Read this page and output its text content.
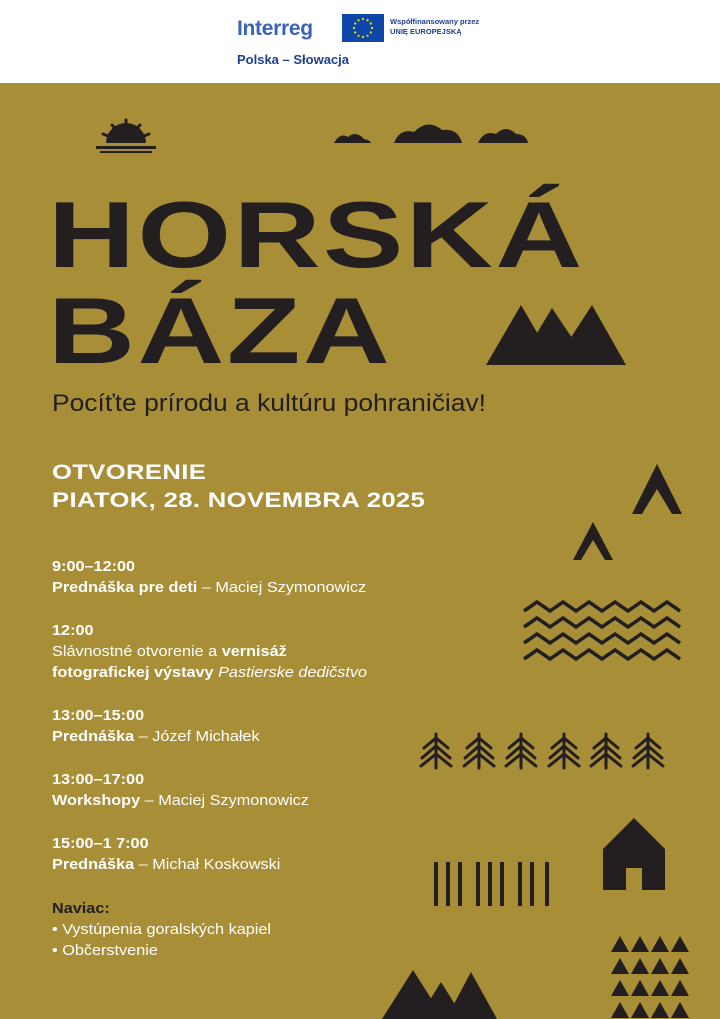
Interreg	Współfinansowany przez
UNIĘ EUROPEJSKĄ
Polska – Słowacja
HORSKÁ
BÁZA
Pocíťte prírodu a kultúru pohraničiav!
OTVORENIE
PIATOK, 28. NOVEMBRA 2025
9:00–12:00
Prednáška pre deti – Maciej Szymonowicz
12:00
Slávnostné otvorenie a vernisáž
fotografickej výstavy Pastierske dedičstvo
13:00–15:00
Prednáška – Józef Michałek
13:00–17:00
Workshopy – Maciej Szymonowicz
15:00–1 7:00
Prednáška – Michał Koskowski
Naviac:
• Vystúpenia goralských kapiel
• Občerstvenie
